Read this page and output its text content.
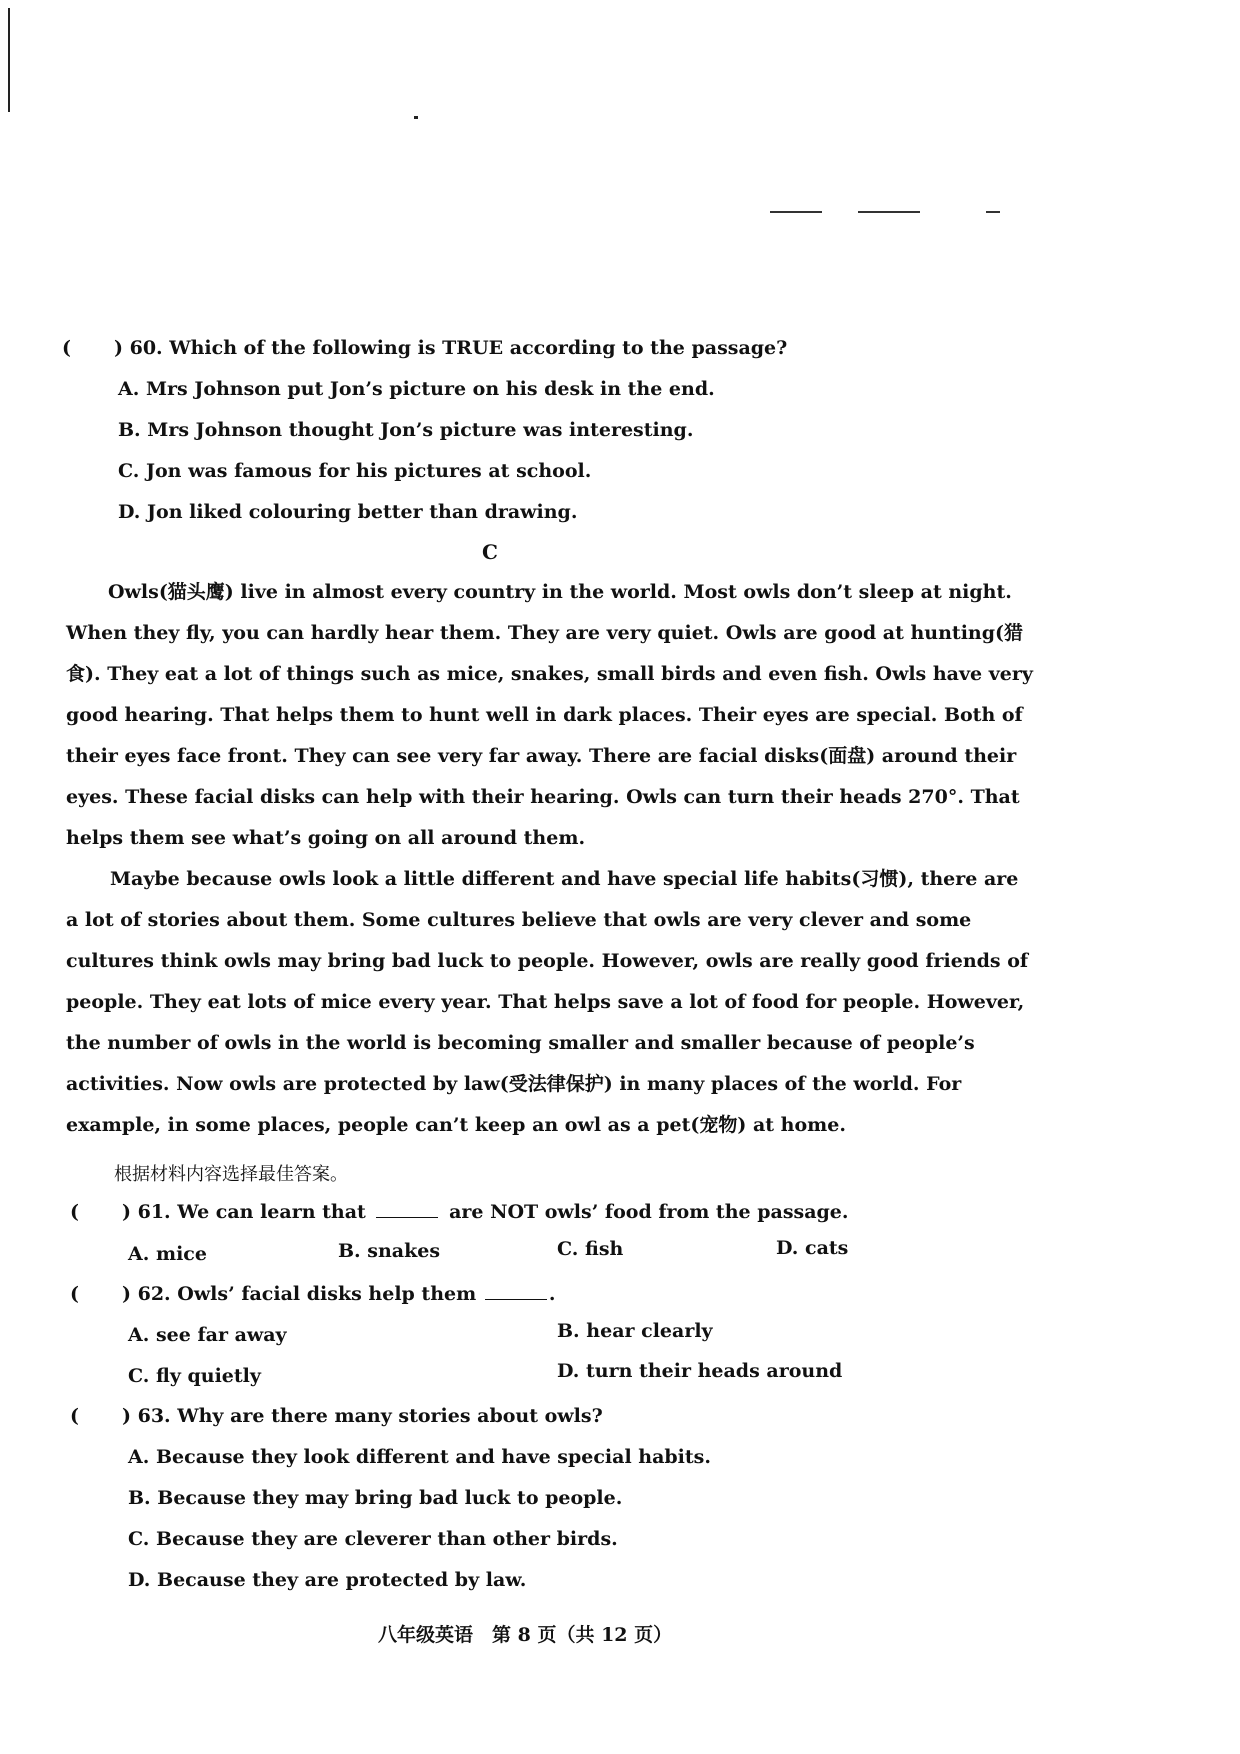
( ) 60. Which of the following is TRUE according to the passage?
A. Mrs Johnson put Jon’s picture on his desk in the end.
B. Mrs Johnson thought Jon’s picture was interesting.
C. Jon was famous for his pictures at school.
D. Jon liked colouring better than drawing.
C
Owls(猫头鹰) live in almost every country in the world. Most owls don’t sleep at night.
When they fly, you can hardly hear them. They are very quiet. Owls are good at hunting(猎
食). They eat a lot of things such as mice, snakes, small birds and even fish. Owls have very
good hearing. That helps them to hunt well in dark places. Their eyes are special. Both of
their eyes face front. They can see very far away. There are facial disks(面盘) around their
eyes. These facial disks can help with their hearing. Owls can turn their heads 270°. That
helps them see what’s going on all around them.
Maybe because owls look a little different and have special life habits(习惯), there are
a lot of stories about them. Some cultures believe that owls are very clever and some
cultures think owls may bring bad luck to people. However, owls are really good friends of
people. They eat lots of mice every year. That helps save a lot of food for people. However,
the number of owls in the world is becoming smaller and smaller because of people’s
activities. Now owls are protected by law(受法律保护) in many places of the world. For
example, in some places, people can’t keep an owl as a pet(宠物) at home.
根据材料内容选择最佳答案。
( ) 61. We can learn that	are NOT owls’ food from the passage.
A. mice	B. snakes	C. fish	D. cats
( ) 62. Owls’ facial disks help them	.
A. see far away	B. hear clearly
C. fly quietly	D. turn their heads around
( ) 63. Why are there many stories about owls?
A. Because they look different and have special habits.
B. Because they may bring bad luck to people.
C. Because they are cleverer than other birds.
D. Because they are protected by law.
八年级英语　第 8 页（共 12 页）
